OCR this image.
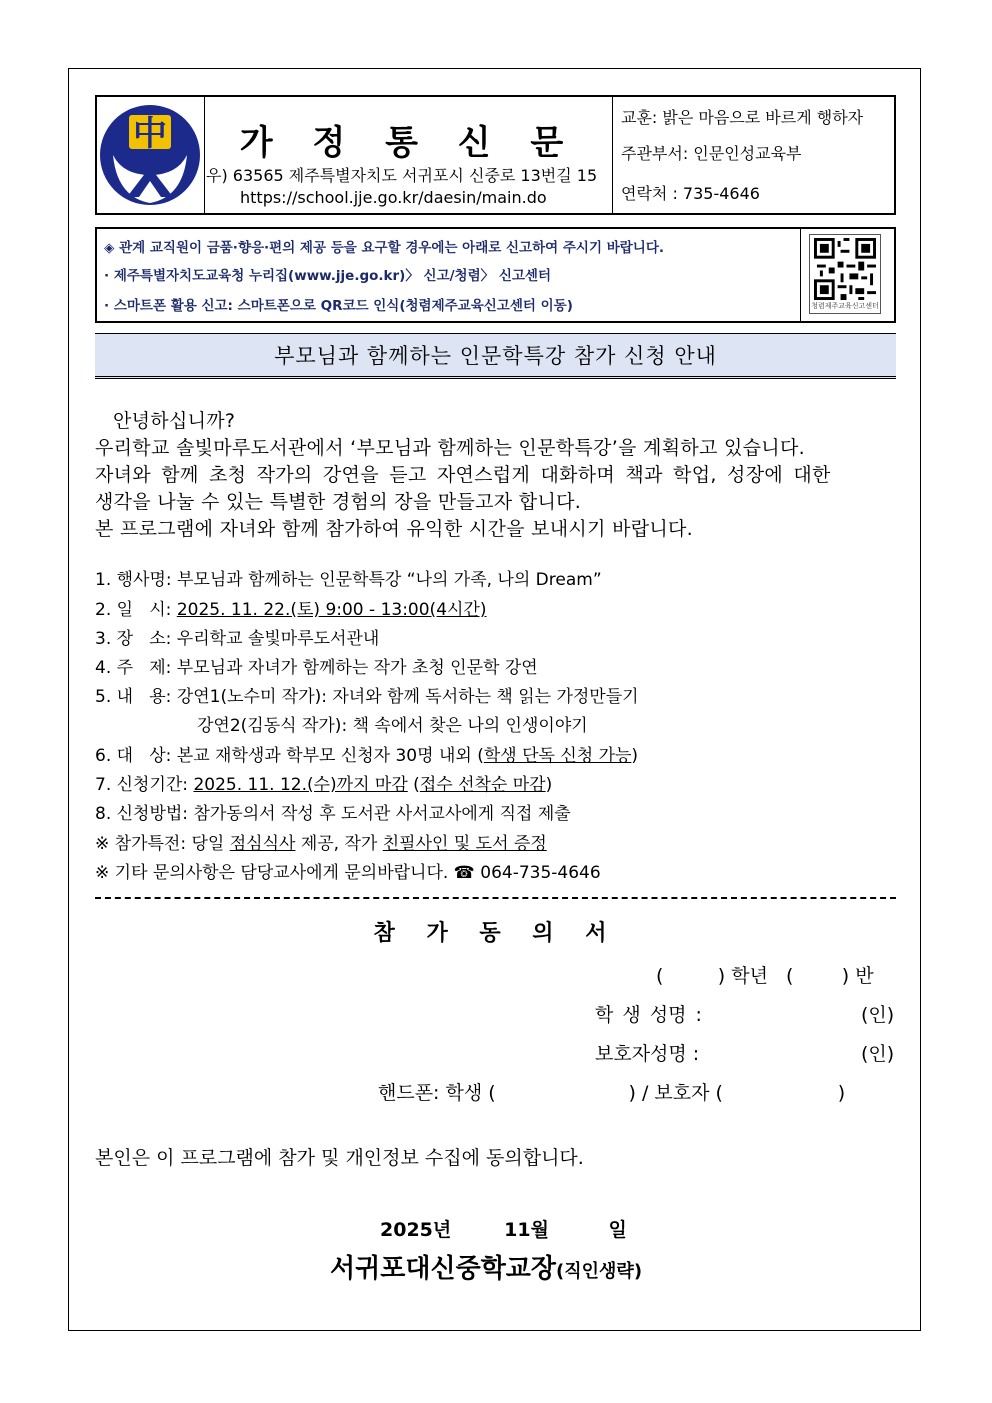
中	가 정 통 신 문
우) 63565 제주특별자치도 서귀포시 신중로 13번길 15
https://school.jje.go.kr/daesin/main.do
교훈: 밝은 마음으로 바르게 행하자
주관부서: 인문인성교육부
연락처 : 735-4646
◈ 관계 교직원이 금품·향응·편의 제공 등을 요구할 경우에는 아래로 신고하여 주시기 바랍니다.
· 제주특별자치도교육청 누리집(www.jje.go.kr)〉 신고/청렴〉 신고센터
· 스마트폰 활용 신고: 스마트폰으로 QR코드 인식(청렴제주교육신고센터 이동)	청렴제주교육신고센터
부모님과 함께하는 인문학특강 참가 신청 안내
안녕하십니까?
우리학교 솔빛마루도서관에서 ‘부모님과 함께하는 인문학특강’을 계획하고 있습니다.
자녀와 함께 초청 작가의 강연을 듣고 자연스럽게 대화하며 책과 학업, 성장에 대한
생각을 나눌 수 있는 특별한 경험의 장을 만들고자 합니다.
본 프로그램에 자녀와 함께 참가하여 유익한 시간을 보내시기 바랍니다.
1. 행사명: 부모님과 함께하는 인문학특강 “나의 가족, 나의 Dream”
2. 일   시: 2025. 11. 22.(토) 9:00 - 13:00(4시간)
3. 장   소: 우리학교 솔빛마루도서관내
4. 주   제: 부모님과 자녀가 함께하는 작가 초청 인문학 강연
5. 내   용: 강연1(노수미 작가): 자녀와 함께 독서하는 책 읽는 가정만들기
강연2(김동식 작가): 책 속에서 찾은 나의 인생이야기
6. 대   상: 본교 재학생과 학부모 신청자 30명 내외 (학생 단독 신청 가능)
7. 신청기간: 2025. 11. 12.(수)까지 마감 (접수 선착순 마감)
8. 신청방법: 참가동의서 작성 후 도서관 사서교사에게 직접 제출
※ 참가특전: 당일 점심식사 제공, 작가 친필사인 및 도서 증정
※ 기타 문의사항은 담당교사에게 문의바랍니다. ☎ 064-735-4646
참 가 동 의 서
(         ) 학년   (        ) 반
학 생 성명 :	(인)
보호자성명 :	(인)
핸드폰: 학생 (                      ) / 보호자 (                   )
본인은 이 프로그램에 참가 및 개인정보 수집에 동의합니다.
2025년        11월         일
서귀포대신중학교장(직인생략)
